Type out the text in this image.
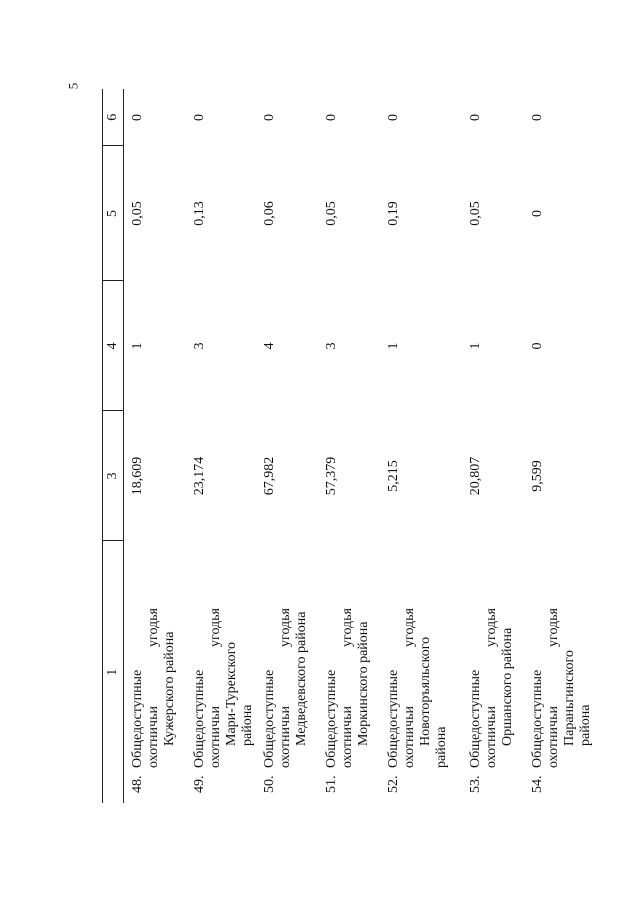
5
1	3	4	5	6

48.
Общедоступные охотничьи угодья Кужерского района	18,609	1	0,05	0

49.
Общедоступные охотничьи угодья Мари-Турекского района	23,174	3	0,13	0

50.
Общедоступные охотничьи угодья Медведевского района	67,982	4	0,06	0

51.
Общедоступные охотничьи угодья Моркинского района	57,379	3	0,05	0

52.
Общедоступные охотничьи угодья Новоторъяльского
района	5,215	1	0,19	0

53.
Общедоступные охотничьи угодья Оршанского района	20,807	1	0,05	0

54.
Общедоступные охотничьи угодья Параньгинского района	9,599	0	0	0
